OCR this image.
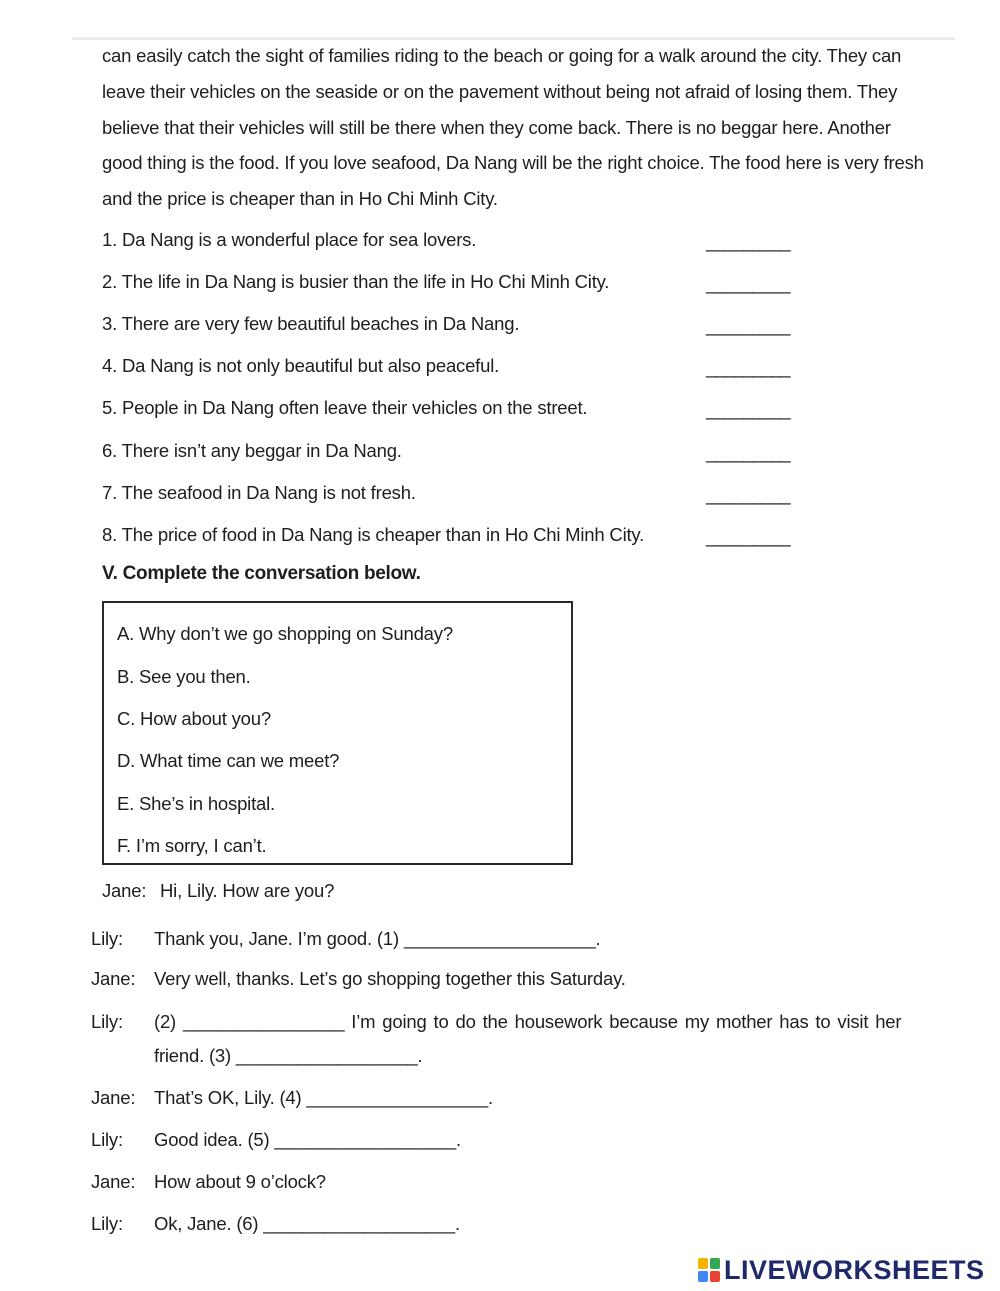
can easily catch the sight of families riding to the beach or going for a walk around the city. They can
leave their vehicles on the seaside or on the pavement without being not afraid of losing them. They
believe that their vehicles will still be there when they come back. There is no beggar here. Another
good thing is the food. If you love seafood, Da Nang will be the right choice. The food here is very fresh
and the price is cheaper than in Ho Chi Minh City.
1. Da Nang is a wonderful place for sea lovers.	_________
2. The life in Da Nang is busier than the life in Ho Chi Minh City.	_________
3. There are very few beautiful beaches in Da Nang.	_________
4. Da Nang is not only beautiful but also peaceful.	_________
5. People in Da Nang often leave their vehicles on the street.	_________
6. There isn’t any beggar in Da Nang.	_________
7. The seafood in Da Nang is not fresh.	_________
8. The price of food in Da Nang is cheaper than in Ho Chi Minh City.	_________
V. Complete the conversation below.
A. Why don’t we go shopping on Sunday?
B. See you then.
C. How about you?
D. What time can we meet?
E. She’s in hospital.
F. I’m sorry, I can’t.
Jane: Hi, Lily. How are you?
Lily: Thank you, Jane. I’m good. (1) ___________________.
Jane: Very well, thanks. Let’s go shopping together this Saturday.
Lily: (2) ________________ I’m going to do the housework because my mother has to visit her
friend. (3) __________________.
Jane: That’s OK, Lily. (4) __________________.
Lily: Good idea. (5) __________________.
Jane: How about 9 o’clock?
Lily: Ok, Jane. (6) ___________________.
LIVEWORKSHEETS
